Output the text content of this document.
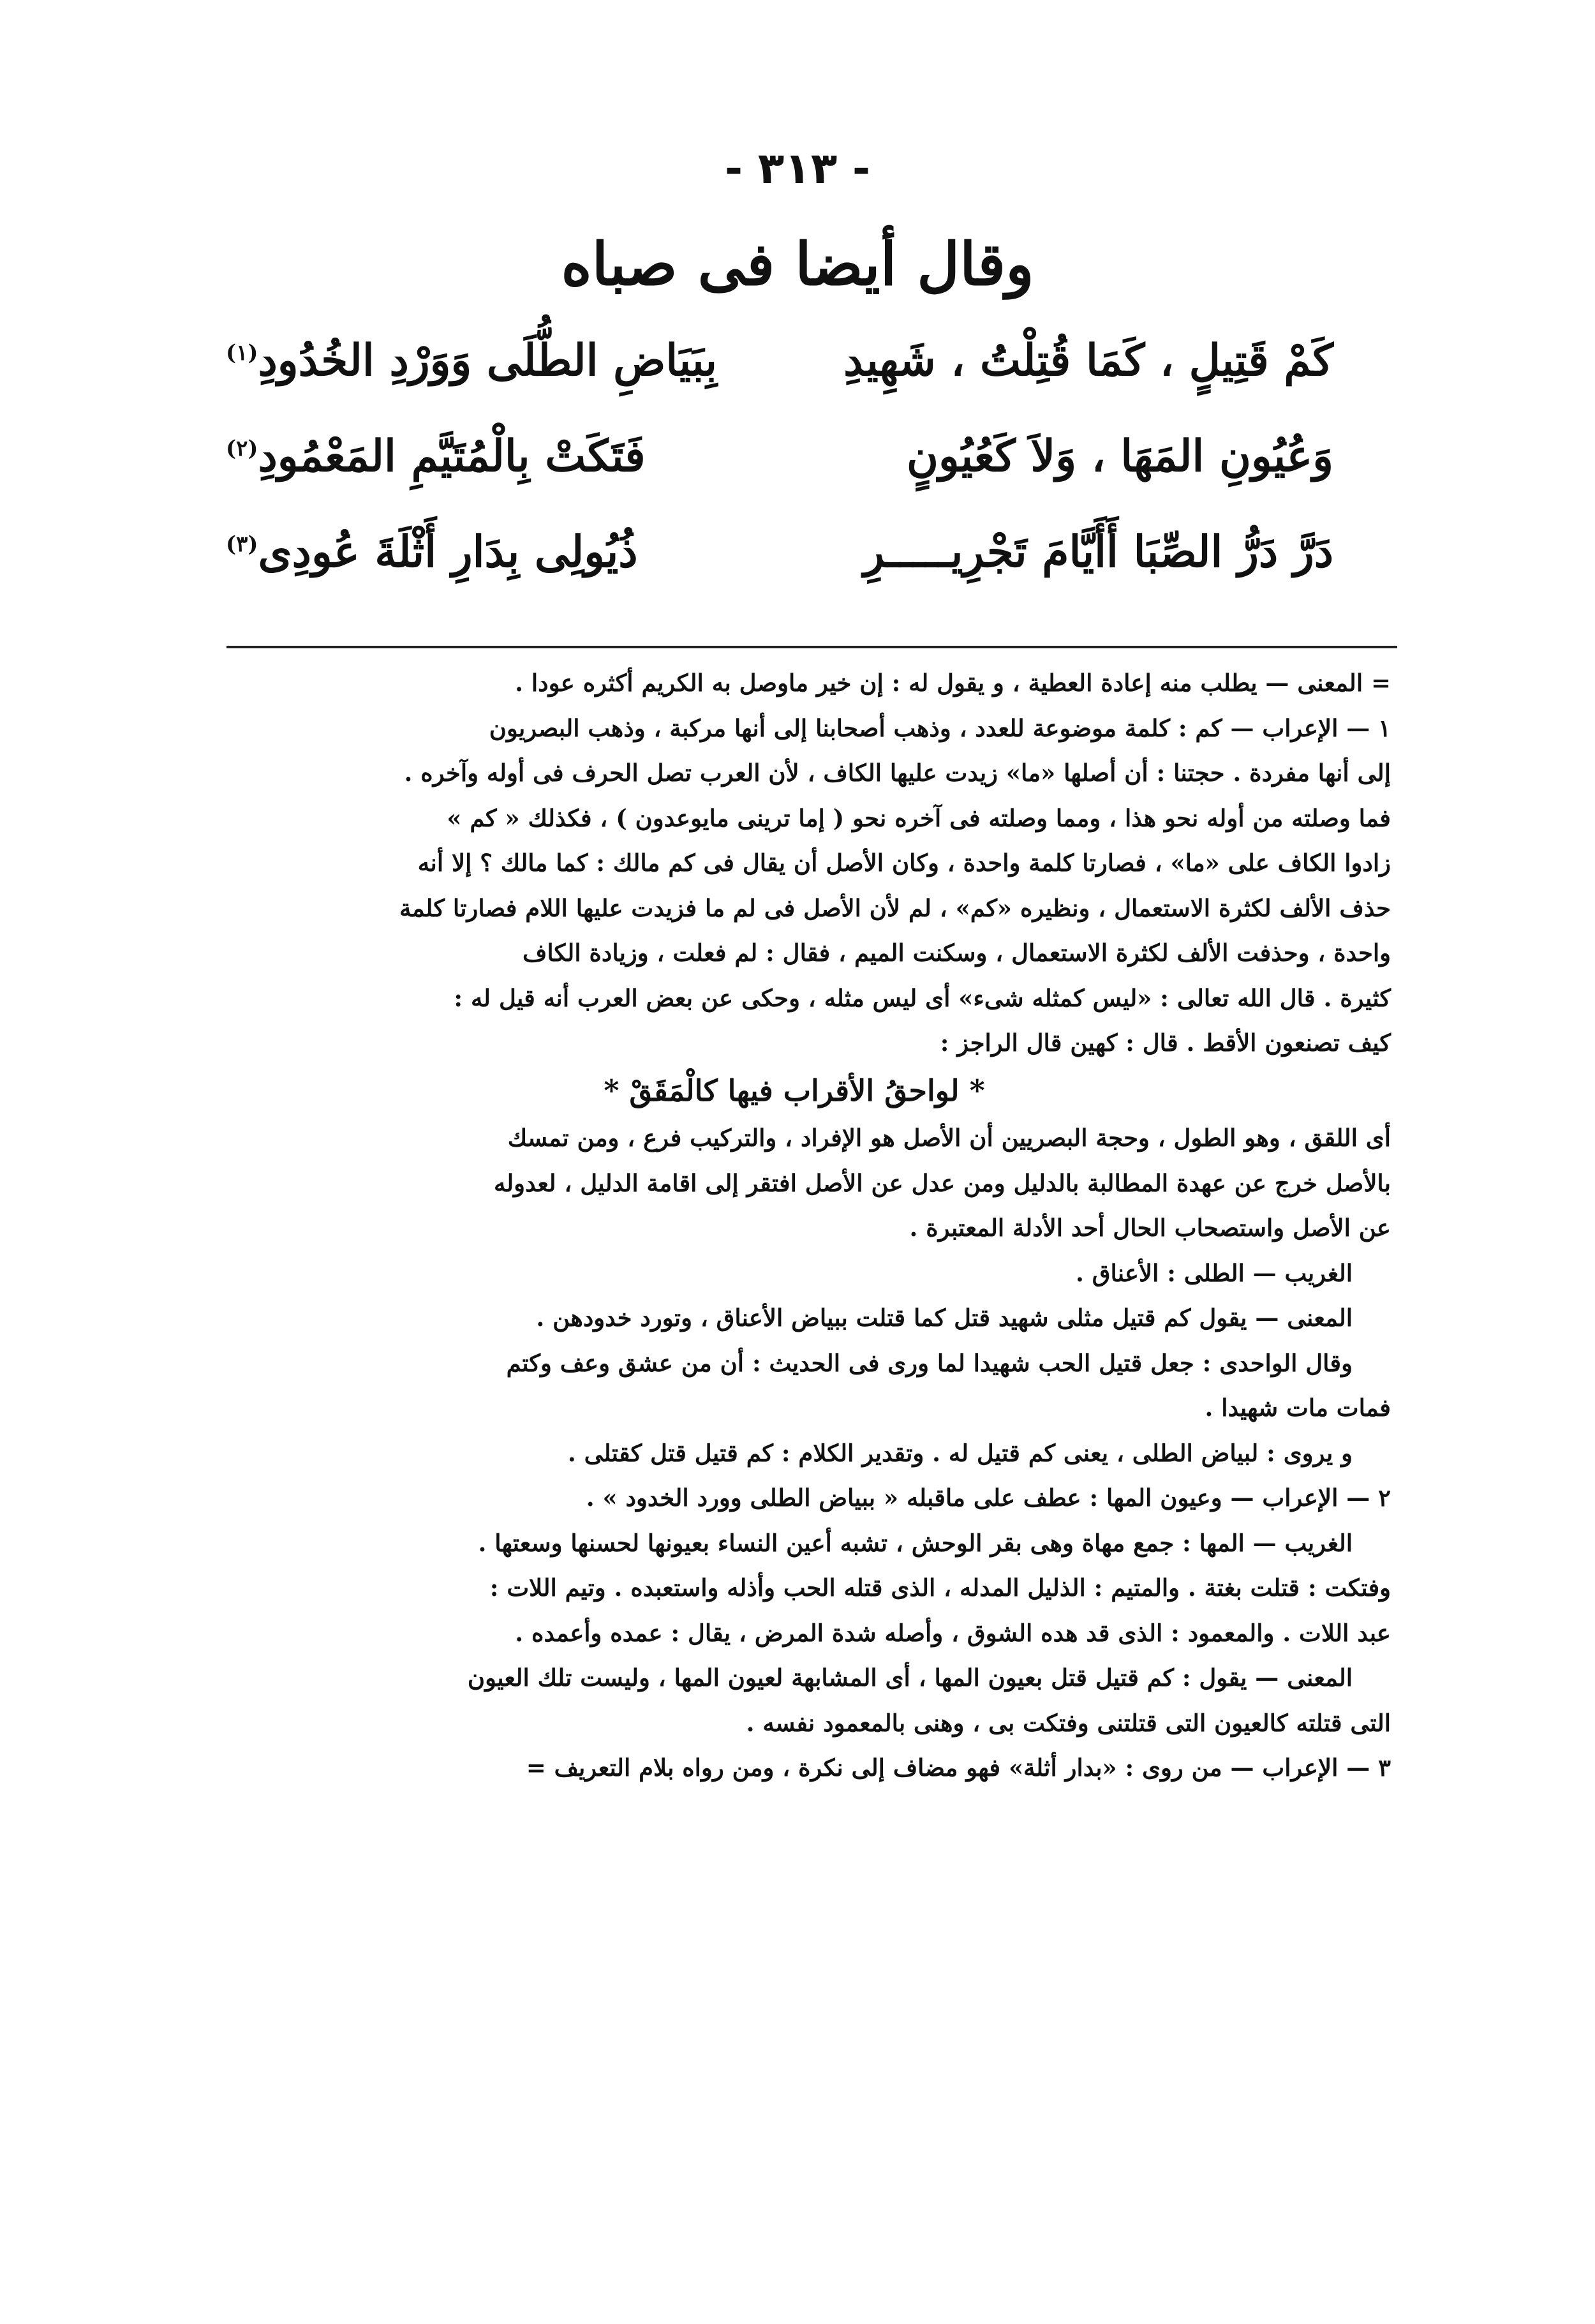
- ٣١٣ -
وقال أيضا فى صباه
كَمْ قَتِيلٍ ، كَمَا قُتِلْتُ ، شَهِيدِ
بِبَيَاضِ الطُّلَى وَوَرْدِ الخُدُودِ$^{(١)}$
وَعُيُونِ المَهَا ، وَلاَ كَعُيُونٍ
فَتَكَتْ بِالْمُتَيَّمِ المَعْمُودِ$^{(٢)}$
دَرَّ دَرُّ الصِّبَا أَأَيَّامَ تَجْرِيـــــرِ
ذُيُولِى بِدَارِ أَثْلَةَ عُودِى$^{(٣)}$

= المعنى — يطلب منه إعادة العطية ، و يقول له : إن خير ماوصل به الكريم أكثره عودا .

١ — الإعراب — كم : كلمة موضوعة للعدد ، وذهب أصحابنا إلى أنها مركبة ، وذهب البصريون

إلى أنها مفردة . حجتنا : أن أصلها «ما» زيدت عليها الكاف ، لأن العرب تصل الحرف فى أوله وآخره .

فما وصلته من أوله نحو هذا ، ومما وصلته فى آخره نحو ( إما ترينى مايوعدون ) ، فكذلك « كم »

زادوا الكاف على «ما» ، فصارتا كلمة واحدة ، وكان الأصل أن يقال فى كم مالك : كما مالك ؟ إلا أنه

حذف الألف لكثرة الاستعمال ، ونظيره «كم» ، لم لأن الأصل فى لم ما فزيدت عليها اللام فصارتا كلمة

واحدة ، وحذفت الألف لكثرة الاستعمال ، وسكنت الميم ، فقال : لم فعلت ، وزيادة الكاف

كثيرة . قال الله تعالى : «ليس كمثله شىء» أى ليس مثله ، وحكى عن بعض العرب أنه قيل له :

كيف تصنعون الأقط . قال : كهين قال الراجز :

* لواحقُ الأقراب فيها كالْمَقَقْ *

أى اللقق ، وهو الطول ، وحجة البصريين أن الأصل هو الإفراد ، والتركيب فرع ، ومن تمسك

بالأصل خرج عن عهدة المطالبة بالدليل ومن عدل عن الأصل افتقر إلى اقامة الدليل ، لعدوله

عن الأصل واستصحاب الحال أحد الأدلة المعتبرة .

الغريب — الطلى : الأعناق .

المعنى — يقول كم قتيل مثلى شهيد قتل كما قتلت ببياض الأعناق ، وتورد خدودهن .

وقال الواحدى : جعل قتيل الحب شهيدا لما ورى فى الحديث : أن من عشق وعف وكتم

فمات مات شهيدا .

و يروى : لبياض الطلى ، يعنى كم قتيل له . وتقدير الكلام : كم قتيل قتل كقتلى .

٢ — الإعراب — وعيون المها : عطف على ماقبله « ببياض الطلى وورد الخدود » .

الغريب — المها : جمع مهاة وهى بقر الوحش ، تشبه أعين النساء بعيونها لحسنها وسعتها .

وفتكت : قتلت بغتة . والمتيم : الذليل المدله ، الذى قتله الحب وأذله واستعبده . وتيم اللات :

عبد اللات . والمعمود : الذى قد هده الشوق ، وأصله شدة المرض ، يقال : عمده وأعمده .

المعنى — يقول : كم قتيل قتل بعيون المها ، أى المشابهة لعيون المها ، وليست تلك العيون

التى قتلته كالعيون التى قتلتنى وفتكت بى ، وهنى بالمعمود نفسه .

٣ — الإعراب — من روى : «بدار أثلة» فهو مضاف إلى نكرة ، ومن رواه بلام التعريف =
